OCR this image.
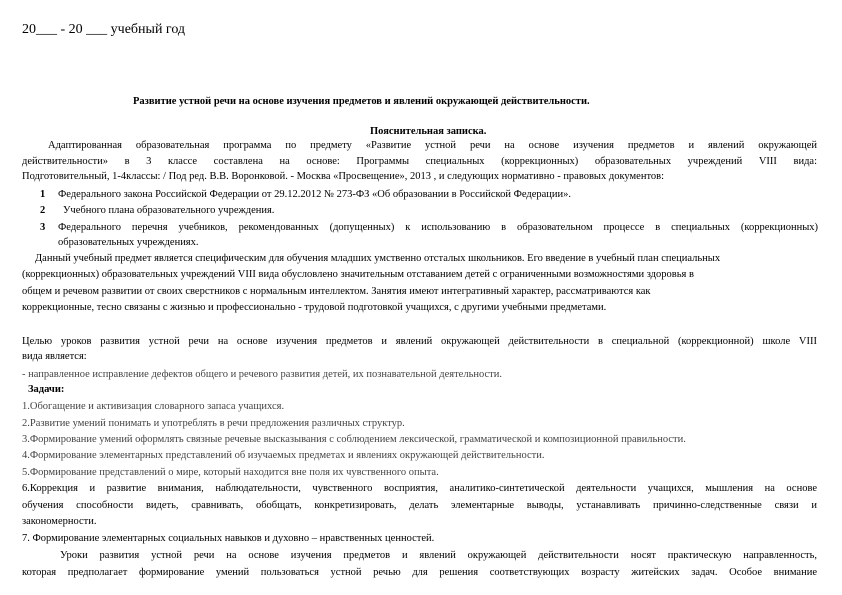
20___ - 20 ___ учебный год
Развитие устной речи на основе изучения предметов и явлений окружающей действительности.
Пояснительная записка.
Адаптированная образовательная программа по предмету «Развитие устной речи на основе изучения предметов и явлений окружающей
действительности» в 3 классе составлена на основе: Программы специальных (коррекционных) образовательных учреждений VIII вида:
Подготовительный, 1-4классы: / Под ред. В.В. Воронковой. - Москва «Просвещение», 2013 , и следующих нормативно - правовых документов:
1 Федерального закона Российской Федерации от 29.12.2012 № 273-ФЗ «Об образовании в Российской Федерации».
2 Учебного плана образовательного учреждения.
3 Федерального перечня учебников, рекомендованных (допущенных) к использованию в образовательном процессе в специальных (коррекционных)
образовательных учреждениях.
Данный учебный предмет является специфическим для обучения младших умственно отсталых школьников. Его введение в учебный план специальных
(коррекционных) образовательных учреждений VIII вида обусловлено значительным отставанием детей с ограниченными возможностями здоровья в
общем и речевом развитии от своих сверстников с нормальным интеллектом. Занятия имеют интегративный характер, рассматриваются как
коррекционные, тесно связаны с жизнью и профессионально - трудовой подготовкой учащихся, с другими учебными предметами.
Целью уроков развития устной речи на основе изучения предметов и явлений окружающей действительности в специальной (коррекционной) школе VIII
вида является:
- направленное исправление дефектов общего и речевого развития детей, их познавательной деятельности.
Задачи:
1.Обогащение и активизация словарного запаса учащихся.
2.Развитие умений понимать и употреблять в речи предложения различных структур.
3.Формирование умений оформлять связные речевые высказывания с соблюдением лексической, грамматической и композиционной правильности.
4.Формирование элементарных представлений об изучаемых предметах и явлениях окружающей действительности.
5.Формирование представлений о мире, который находится вне поля их чувственного опыта.
6.Коррекция и развитие внимания, наблюдательности, чувственного восприятия, аналитико-синтетической деятельности учащихся, мышления на основе
обучения способности видеть, сравнивать, обобщать, конкретизировать, делать элементарные выводы, устанавливать причинно-следственные связи и
закономерности.
7. Формирование элементарных социальных навыков и духовно – нравственных ценностей.
Уроки развития устной речи на основе изучения предметов и явлений окружающей действительности носят практическую направленность,
которая предполагает формирование умений пользоваться устной речью для решения соответствующих возрасту житейских задач. Особое внимание
